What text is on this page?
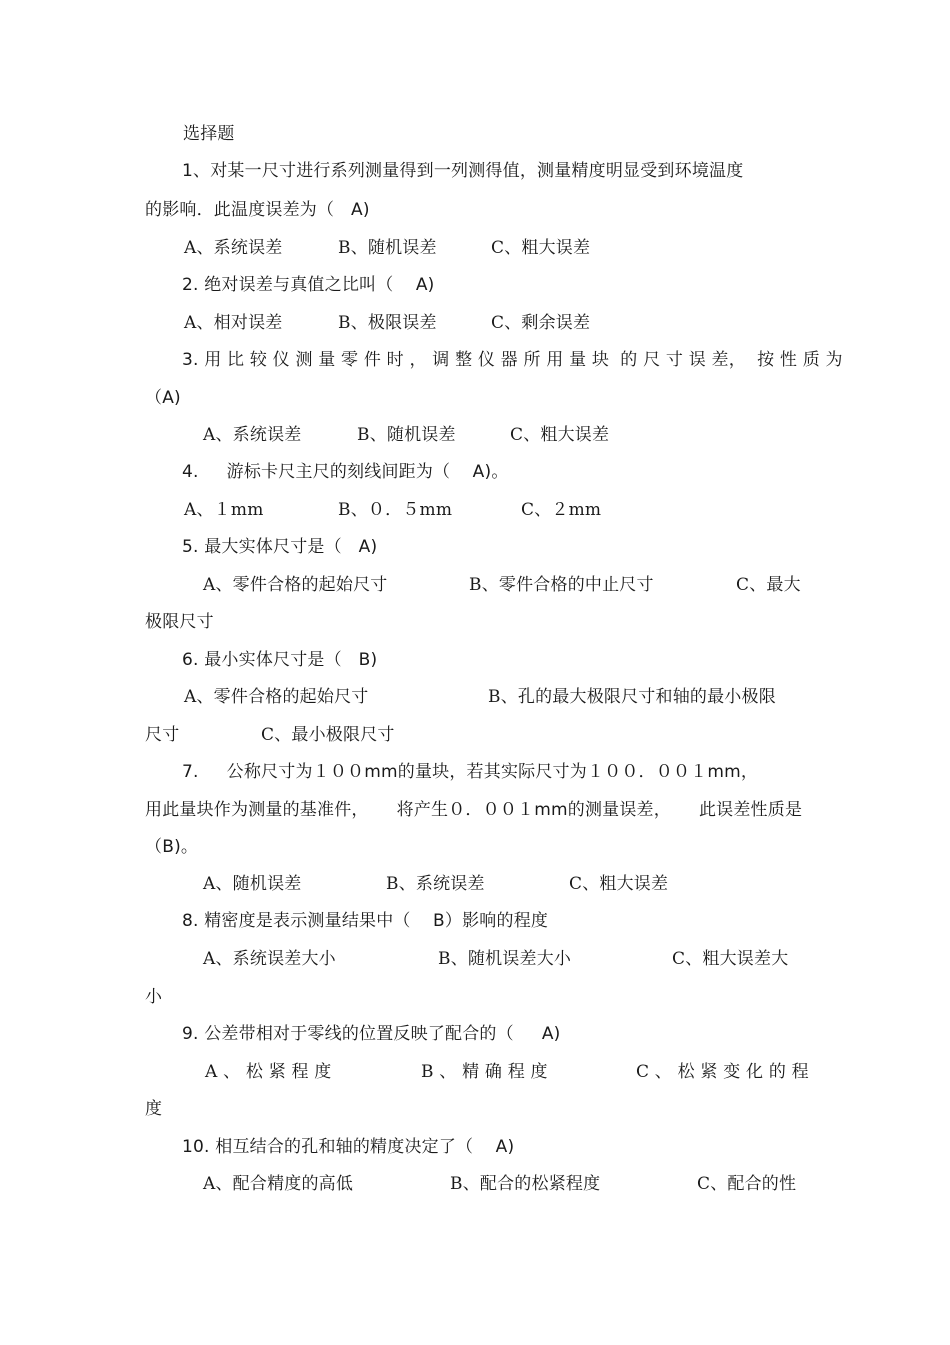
选择题
1、对某一尺寸进行系列测量得到一列测得值，测量精度明显受到环境温度
的影响．此温度误差为（   A)
A、系统误差	B、随机误差	C、粗大误差
2. 绝对误差与真值之比叫（    A)
A、相对误差	B、极限误差	C、剩余误差
3. 用 比 较 仪 测 量 零 件 时 ， 调 整 仪 器 所 用 量 块  的 尺 寸 误 差，  按 性 质 为
（A)
A、系统误差	B、随机误差	C、粗大误差
4.     游标卡尺主尺的刻线间距为（    A)。
A、１mm	B、０．５mm	C、２mm
5. 最大实体尺寸是（   A)
A、零件合格的起始尺寸	B、零件合格的中止尺寸	C、最大
极限尺寸
6. 最小实体尺寸是（   B)
A、零件合格的起始尺寸	B、孔的最大极限尺寸和轴的最小极限
尺寸	C、最小极限尺寸
7.     公称尺寸为１００mm的量块，若其实际尺寸为１００．００１mm，
用此量块作为测量的基准件，     将产生０．００１mm的测量误差，     此误差性质是
（B)。
A、随机误差	B、系统误差	C、粗大误差
8. 精密度是表示测量结果中（    B）影响的程度
A、系统误差大小	B、随机误差大小	C、粗大误差大
小
9. 公差带相对于零线的位置反映了配合的（     A)
A 、 松 紧 程 度	B 、 精 确 程 度	C 、 松 紧 变 化 的 程
度
10. 相互结合的孔和轴的精度决定了（    A)
A、配合精度的高低	B、配合的松紧程度	C、配合的性
